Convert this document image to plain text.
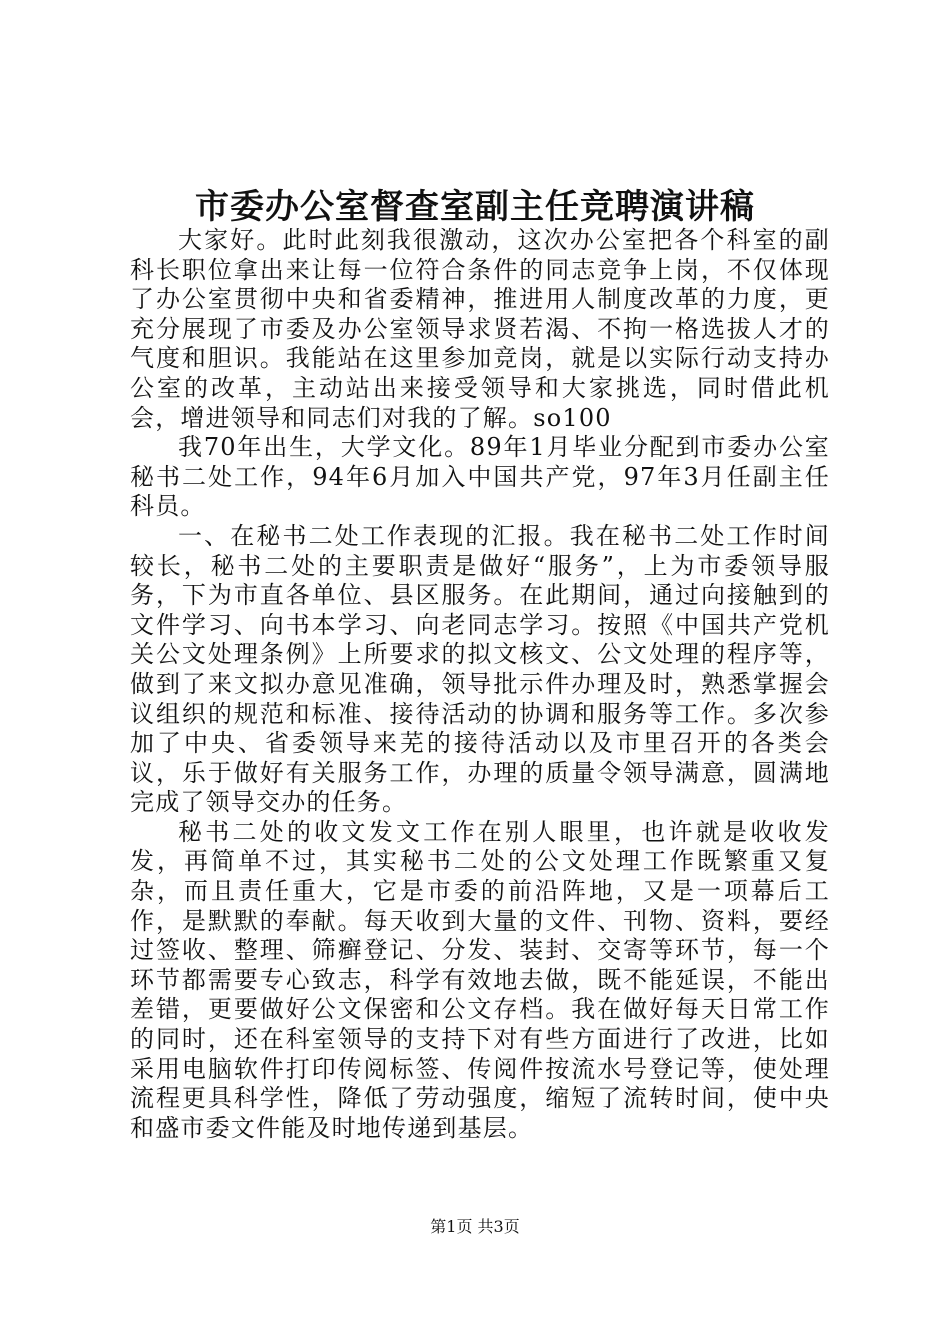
市委办公室督查室副主任竞聘演讲稿

大家好。此时此刻我很激动，这次办公室把各个科室的副科长职位拿出来让每一位符合条件的同志竞争上岗，不仅体现了办公室贯彻中央和省委精神，推进用人制度改革的力度，更充分展现了市委及办公室领导求贤若渴、不拘一格选拔人才的气度和胆识。我能站在这里参加竞岗，就是以实际行动支持办公室的改革，主动站出来接受领导和大家挑选，同时借此机会，增进领导和同志们对我的了解。so100

我70年出生，大学文化。89年1月毕业分配到市委办公室秘书二处工作，94年6月加入中国共产党，97年3月任副主任科员。

一、在秘书二处工作表现的汇报。我在秘书二处工作时间较长，秘书二处的主要职责是做好“服务”，上为市委领导服务，下为市直各单位、县区服务。在此期间，通过向接触到的文件学习、向书本学习、向老同志学习。按照《中国共产党机关公文处理条例》上所要求的拟文核文、公文处理的程序等，做到了来文拟办意见准确，领导批示件办理及时，熟悉掌握会议组织的规范和标准、接待活动的协调和服务等工作。多次参加了中央、省委领导来芜的接待活动以及市里召开的各类会议，乐于做好有关服务工作，办理的质量令领导满意，圆满地完成了领导交办的任务。

秘书二处的收文发文工作在别人眼里，也许就是收收发发，再简单不过，其实秘书二处的公文处理工作既繁重又复杂，而且责任重大，它是市委的前沿阵地，又是一项幕后工作，是默默的奉献。每天收到大量的文件、刊物、资料，要经过签收、整理、筛癣登记、分发、装封、交寄等环节，每一个环节都需要专心致志，科学有效地去做，既不能延误，不能出差错，更要做好公文保密和公文存档。我在做好每天日常工作的同时，还在科室领导的支持下对有些方面进行了改进，比如采用电脑软件打印传阅标签、传阅件按流水号登记等，使处理流程更具科学性，降低了劳动强度，缩短了流转时间，使中央和盛市委文件能及时地传递到基层。

第1页 共3页
